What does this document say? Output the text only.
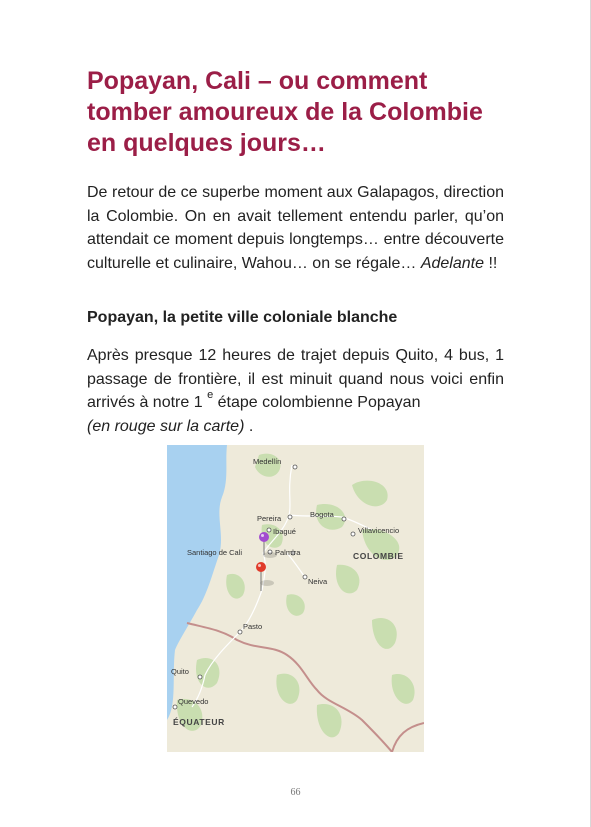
Popayan, Cali – ou comment tomber amoureux de la Colombie en quelques jours…

De retour de ce superbe moment aux Galapagos, direction la Colombie. On en avait tellement entendu parler, qu’on attendait ce moment depuis longtemps… entre découverte culturelle et culinaire, Wahou… on se régale… Adelante !!

Popayan, la petite ville coloniale blanche

Après presque 12 heures de trajet depuis Quito, 4 bus, 1 passage de frontière, il est minuit quand nous voici enfin arrivés à notre 1 $^e$ étape colombienne Popayan
(en rouge sur la carte) .

Medellín
Pereira	Bogota
Ibagué	Villavicencio
Santiago de Cali	Palmira	COLOMBIE
Neiva
Pasto
Quito
Quevedo
ÉQUATEUR
66
